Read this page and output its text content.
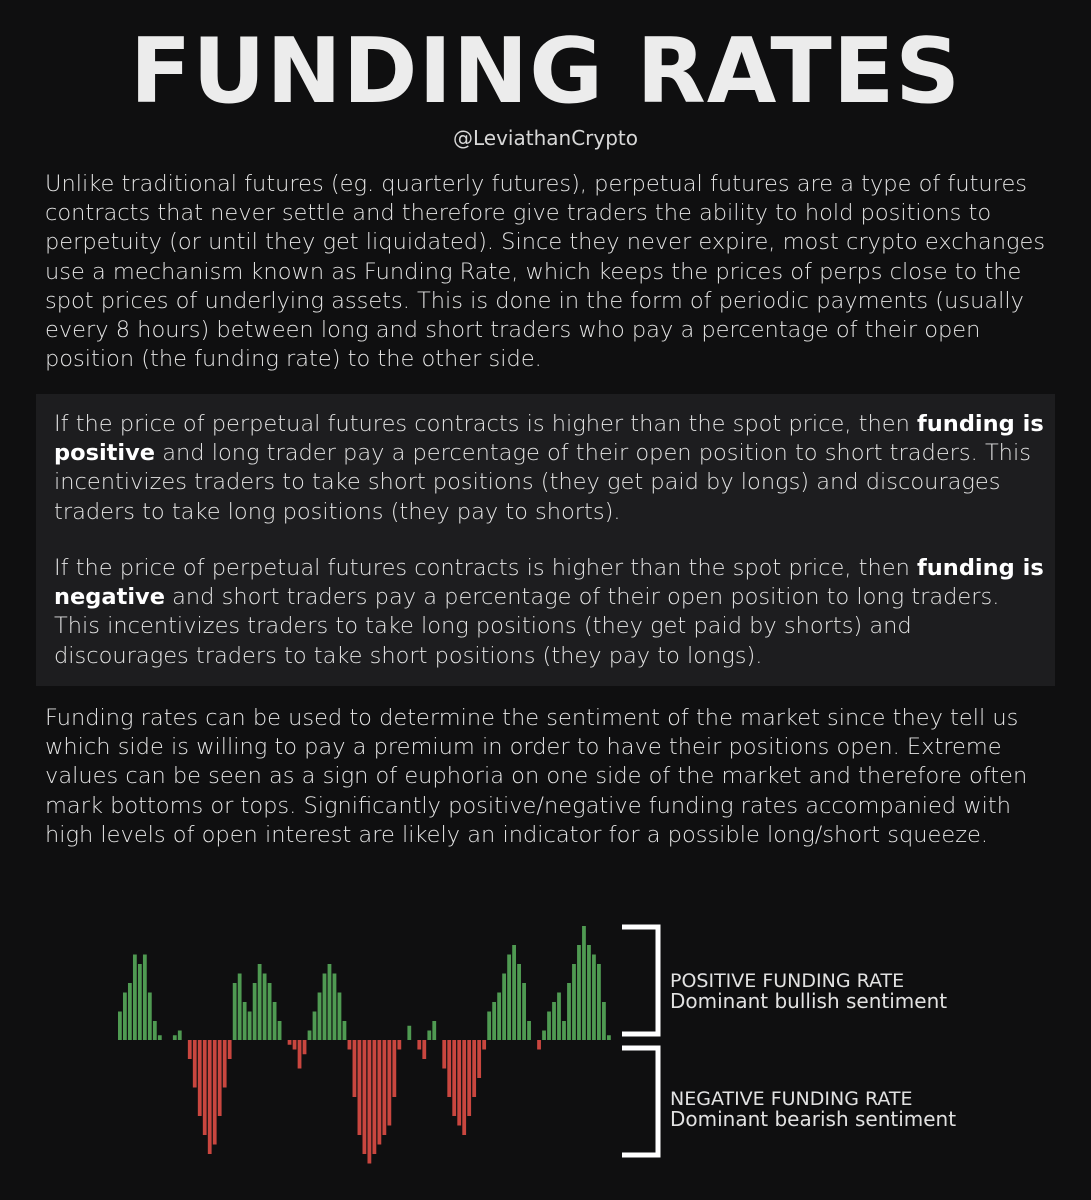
FUNDING RATES
@LeviathanCrypto

Unlike traditional futures (eg. quarterly futures), perpetual futures are a type of futures contracts that never settle and therefore give traders the ability to hold positions to perpetuity (or until they get liquidated). Since they never expire, most crypto exchanges use a mechanism known as Funding Rate, which keeps the prices of perps close to the spot prices of underlying assets. This is done in the form of periodic payments (usually every 8 hours) between long and short traders who pay a percentage of their open position (the funding rate) to the other side.

If the price of perpetual futures contracts is higher than the spot price, then funding is positive and long trader pay a percentage of their open position to short traders. This incentivizes traders to take short positions (they get paid by longs) and discourages traders to take long positions (they pay to shorts).

If the price of perpetual futures contracts is higher than the spot price, then funding is negative and short traders pay a percentage of their open position to long traders. This incentivizes traders to take long positions (they get paid by shorts) and discourages traders to take short positions (they pay to longs).

Funding rates can be used to determine the sentiment of the market since they tell us which side is willing to pay a premium in order to have their positions open. Extreme values can be seen as a sign of euphoria on one side of the market and therefore often mark bottoms or tops. Significantly positive/negative funding rates accompanied with high levels of open interest are likely an indicator for a possible long/short squeeze.

POSITIVE FUNDING RATE
Dominant bullish sentiment
NEGATIVE FUNDING RATE
Dominant bearish sentiment
